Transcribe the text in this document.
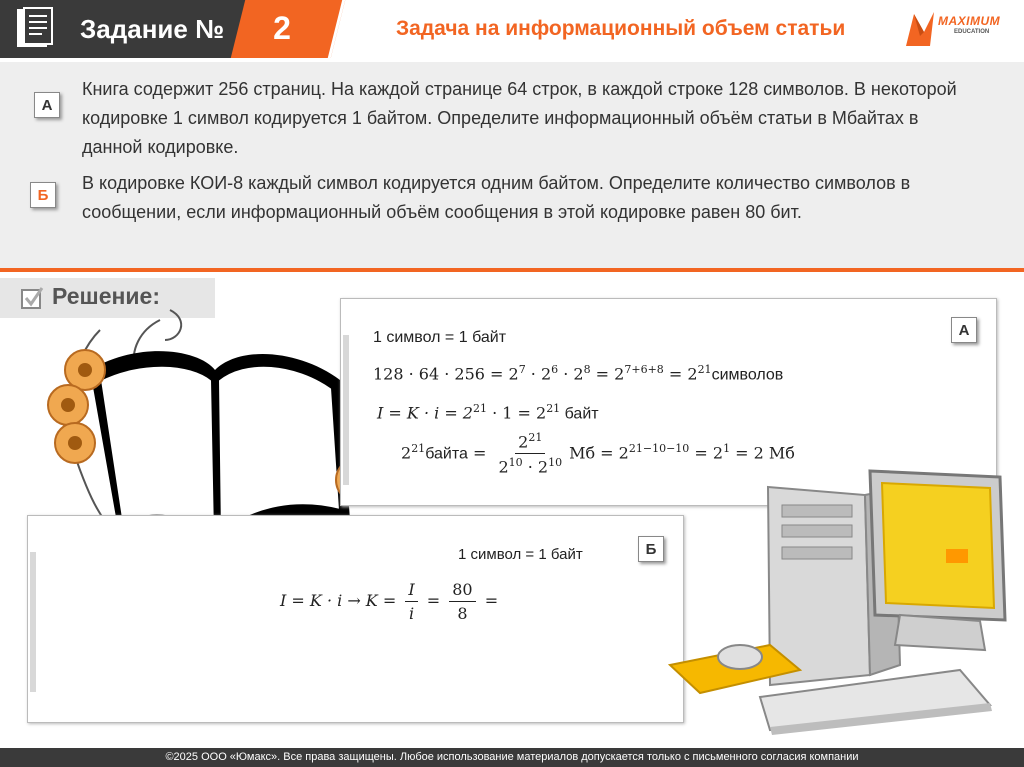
Задание №	2	Задача на информационный объем статьи	MAXIMUM
EDUCATION
А
Книга содержит 256 страниц. На каждой странице 64 строк, в каждой строке 128 символов. В некоторой кодировке 1 символ кодируется 1 байтом. Определите информационный объём статьи в Мбайтах в данной кодировке.
Б
В кодировке КОИ-8 каждый символ кодируется одним байтом. Определите количество символов в сообщении, если информационный объём сообщения в этой кодировке равен 80 бит.
Решение:
А
1 символ = 1 байт
$128 \cdot 64 \cdot 256 = 2^7 \cdot 2^6 \cdot 2^8 = 2^{7+6+8}$ = $2^{21}символов$
$I = K \cdot i = 2^{21} \cdot 1 = 2^{21}$ байт
$2^{21}байта = \frac{2^{21}}{2^{10} \cdot 2^{10}}$ Мб = $2^{21-10-10} = 2^1 = 2$ Мб
Б
1 символ = 1 байт
$I = K \cdot i \to K = \frac{I}{i} = \frac{80}{8}$ =
©2025 ООО «Юмакс». Все права защищены. Любое использование материалов допускается только с письменного согласия компании
